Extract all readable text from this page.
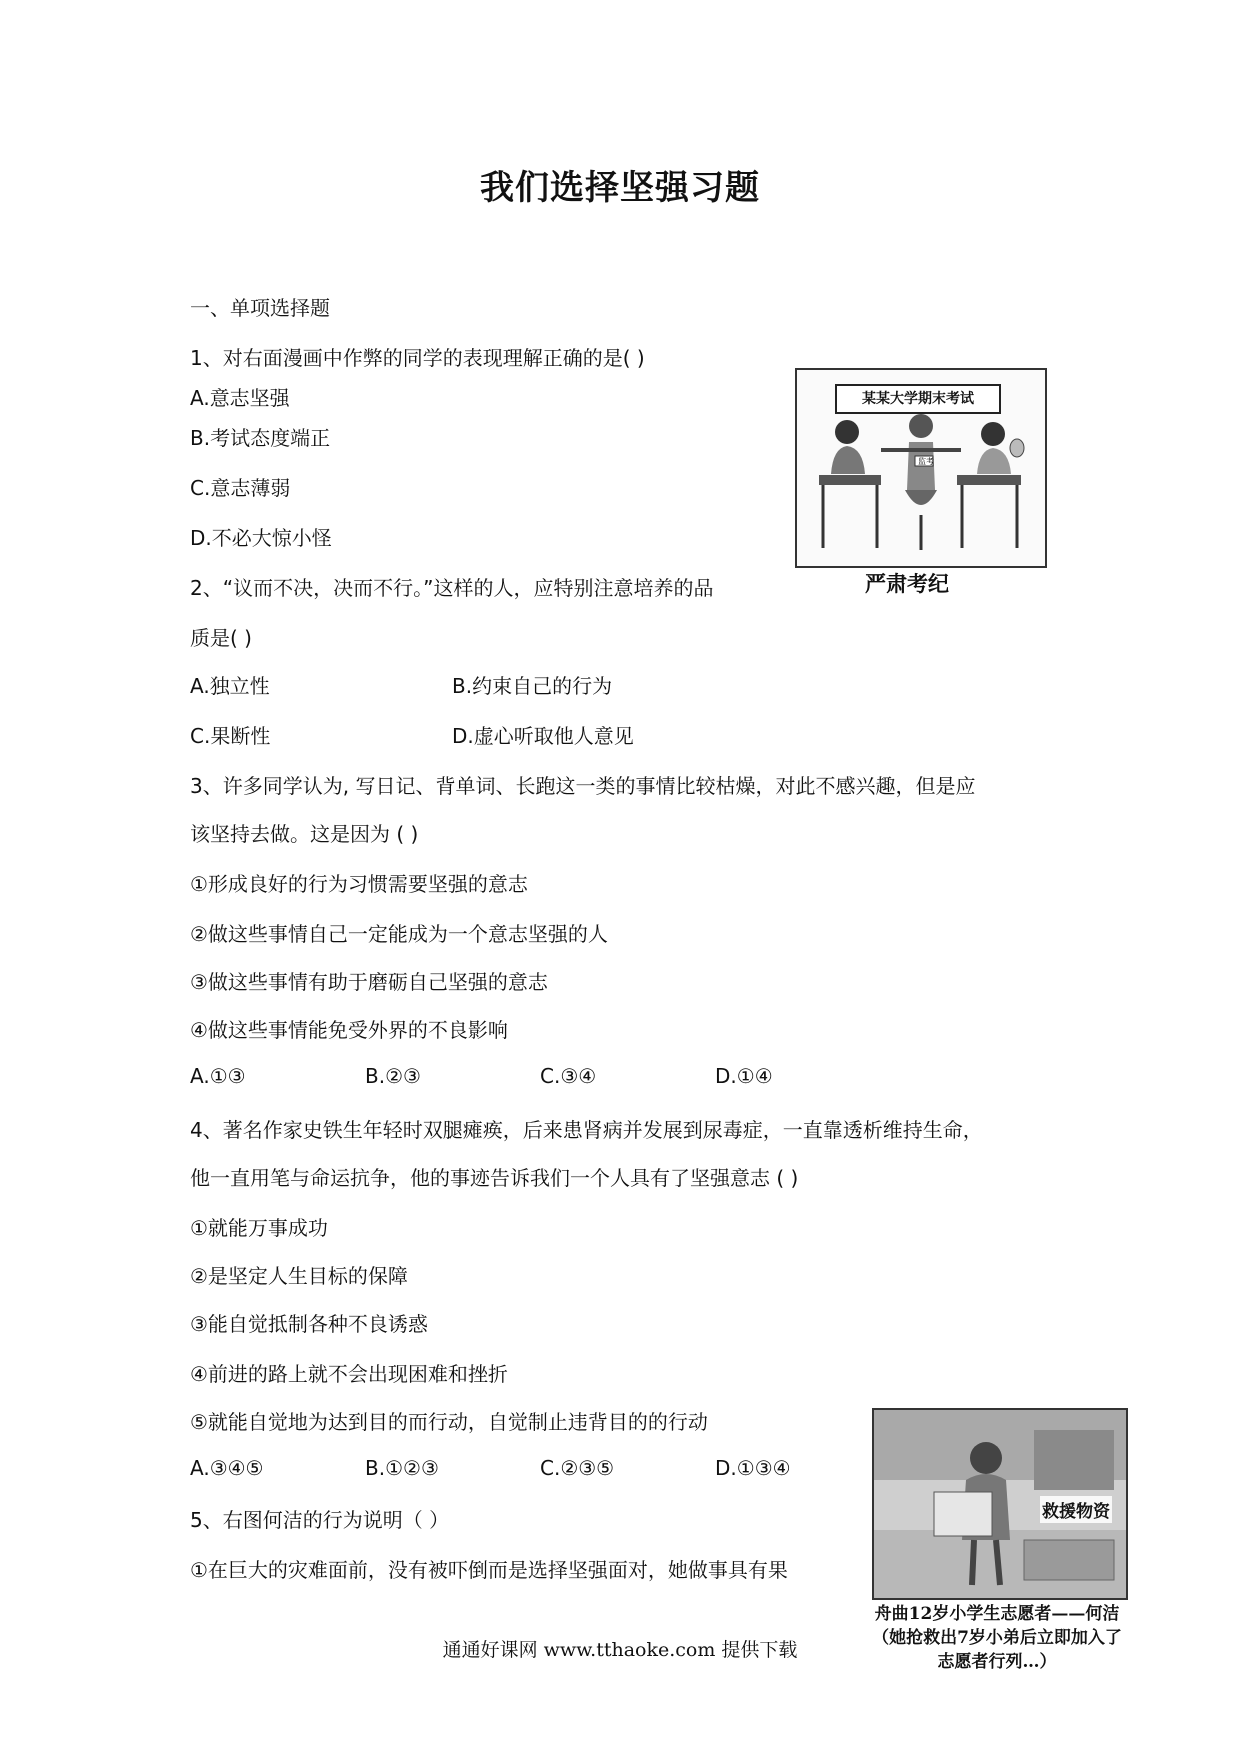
我们选择坚强习题
一、单项选择题
1、对右面漫画中作弊的同学的表现理解正确的是( )
A.意志坚强
B.考试态度端正
C.意志薄弱
D.不必大惊小怪
某某大学期末考试
监考
严肃考纪
2、“议而不决，决而不行。”这样的人，应特别注意培养的品
质是( )
A.独立性	B.约束自己的行为
C.果断性	D.虚心听取他人意见
3、许多同学认为, 写日记、背单词、长跑这一类的事情比较枯燥，对此不感兴趣，但是应
该坚持去做。这是因为 ( )
①形成良好的行为习惯需要坚强的意志
②做这些事情自己一定能成为一个意志坚强的人
③做这些事情有助于磨砺自己坚强的意志
④做这些事情能免受外界的不良影响
A.①③	B.②③	C.③④	D.①④
4、著名作家史铁生年轻时双腿瘫痪，后来患肾病并发展到尿毒症，一直靠透析维持生命，
他一直用笔与命运抗争，他的事迹告诉我们一个人具有了坚强意志 ( )
①就能万事成功
②是坚定人生目标的保障
③能自觉抵制各种不良诱惑
④前进的路上就不会出现困难和挫折
⑤就能自觉地为达到目的而行动，自觉制止违背目的的行动
A.③④⑤	B.①②③	C.②③⑤	D.①③④
5、右图何洁的行为说明（ ）
①在巨大的灾难面前，没有被吓倒而是选择坚强面对，她做事具有果
救援物资
舟曲12岁小学生志愿者——何洁（她抢救出7岁小弟后立即加入了志愿者行列…）
通通好课网 www.tthaoke.com 提供下载
